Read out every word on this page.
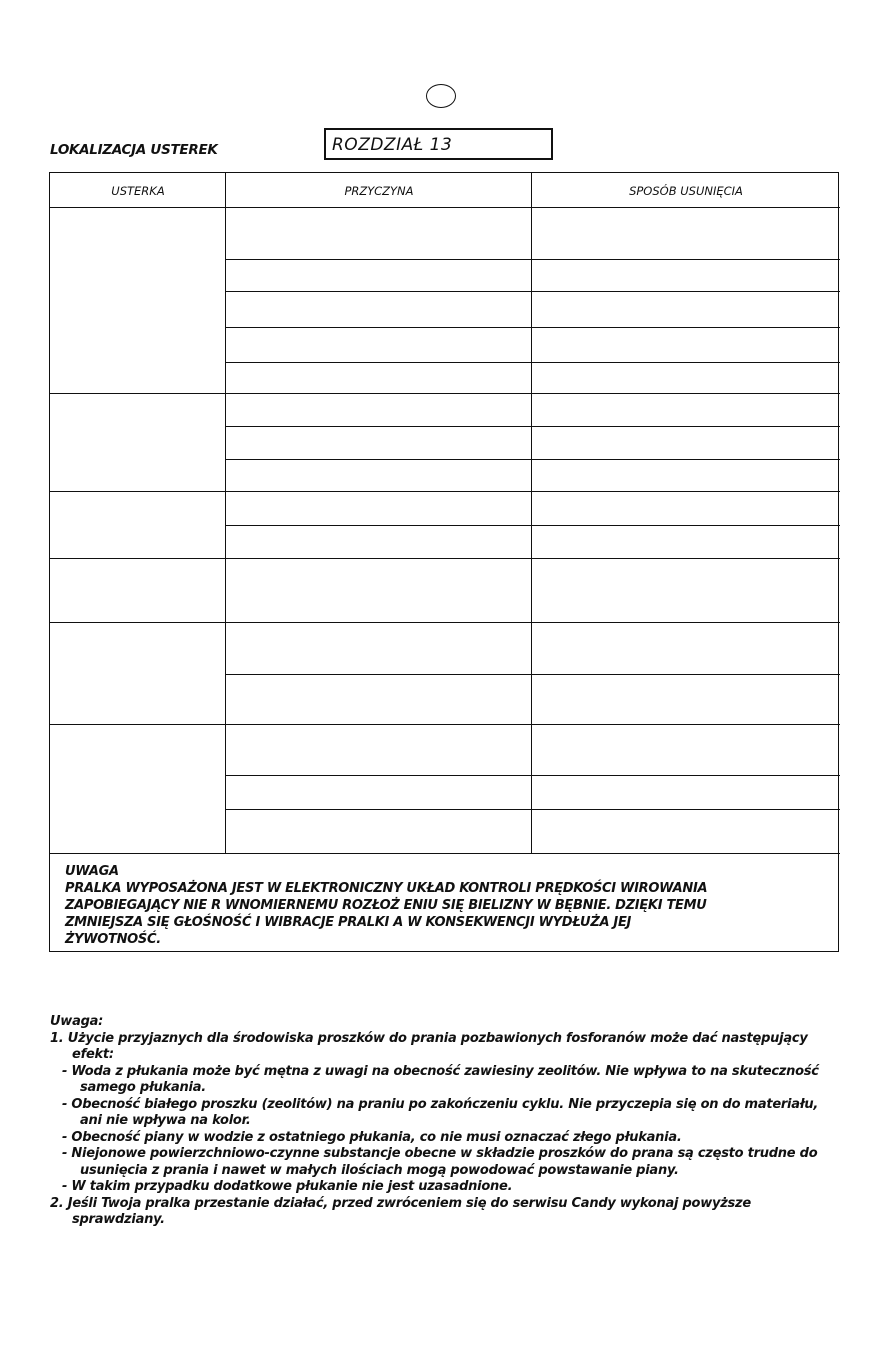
LOKALIZACJA USTEREK	ROZDZIAŁ 13
USTERKA	PRZYCZYNA	SPOSÓB USUNIĘCIA
UWAGA
PRALKA WYPOSAŻONA JEST W ELEKTRONICZNY UKŁAD KONTROLI PRĘDKOŚCI WIROWANIA
ZAPOBIEGAJĄCY NIE R WNOMIERNEMU ROZŁOŻ ENIU SIĘ BIELIZNY W BĘBNIE. DZIĘKI TEMU
ZMNIEJSZA SIĘ GŁOŚNOŚĆ I WIBRACJE PRALKI A W KONSEKWENCJI WYDŁUŻA JEJ
ŻYWOTNOŚĆ.
Uwaga:
1. Użycie przyjaznych dla środowiska proszków do prania pozbawionych fosforanów może dać następujący
efekt:
- Woda z płukania może być mętna z uwagi na obecność zawiesiny zeolitów. Nie wpływa to na skuteczność
samego płukania.
- Obecność białego proszku (zeolitów) na praniu po zakończeniu cyklu. Nie przyczepia się on do materiału,
ani nie wpływa na kolor.
- Obecność piany w wodzie z ostatniego płukania, co nie musi oznaczać złego płukania.
- Niejonowe powierzchniowo-czynne substancje obecne w składzie proszków do prana są często trudne do
usunięcia z prania i nawet w małych ilościach mogą powodować powstawanie piany.
- W takim przypadku dodatkowe płukanie nie jest uzasadnione.
2. Jeśli Twoja pralka przestanie działać, przed zwróceniem się do serwisu Candy wykonaj powyższe
sprawdziany.
